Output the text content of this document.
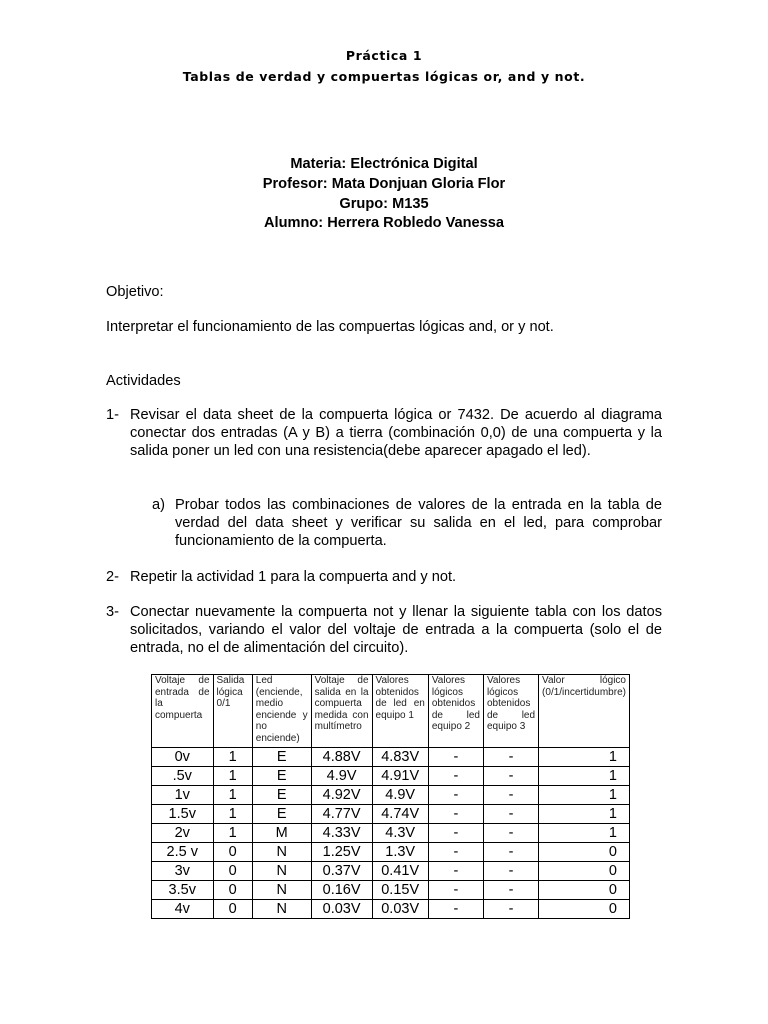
Práctica 1
Tablas de verdad y compuertas lógicas or, and y not.
Materia: Electrónica Digital
Profesor: Mata Donjuan Gloria Flor
Grupo: M135
Alumno: Herrera Robledo Vanessa
Objetivo:
Interpretar el funcionamiento de las compuertas lógicas and, or y not.
Actividades
1- Revisar el data sheet de la compuerta lógica or 7432. De acuerdo al diagrama conectar dos entradas (A y B) a tierra (combinación 0,0) de una compuerta y la salida poner un led con una resistencia(debe aparecer apagado el led).
a) Probar todos las combinaciones de valores de la entrada en la tabla de verdad del data sheet y verificar su salida en el led, para comprobar funcionamiento de la compuerta.
2- Repetir la actividad 1 para la compuerta and y not.
3- Conectar nuevamente la compuerta not y llenar la siguiente tabla con los datos solicitados, variando el valor del voltaje de entrada a la compuerta (solo el de entrada, no el de alimentación del circuito).
Voltaje de entrada de la compuerta	Salida lógica 0/1	Led (enciende, medio enciende y no enciende)	Voltaje de salida en la compuerta medida con multímetro	Valores obtenidos de led en equipo 1	Valores lógicos obtenidos de led equipo 2	Valores lógicos obtenidos de led equipo 3	Valor lógico (0/1/incertidumbre)
0v	1	E	4.88V	4.83V	-	-	1
.5v	1	E	4.9V	4.91V	-	-	1
1v	1	E	4.92V	4.9V	-	-	1
1.5v	1	E	4.77V	4.74V	-	-	1
2v	1	M	4.33V	4.3V	-	-	1
2.5 v	0	N	1.25V	1.3V	-	-	0
3v	0	N	0.37V	0.41V	-	-	0
3.5v	0	N	0.16V	0.15V	-	-	0
4v	0	N	0.03V	0.03V	-	-	0
